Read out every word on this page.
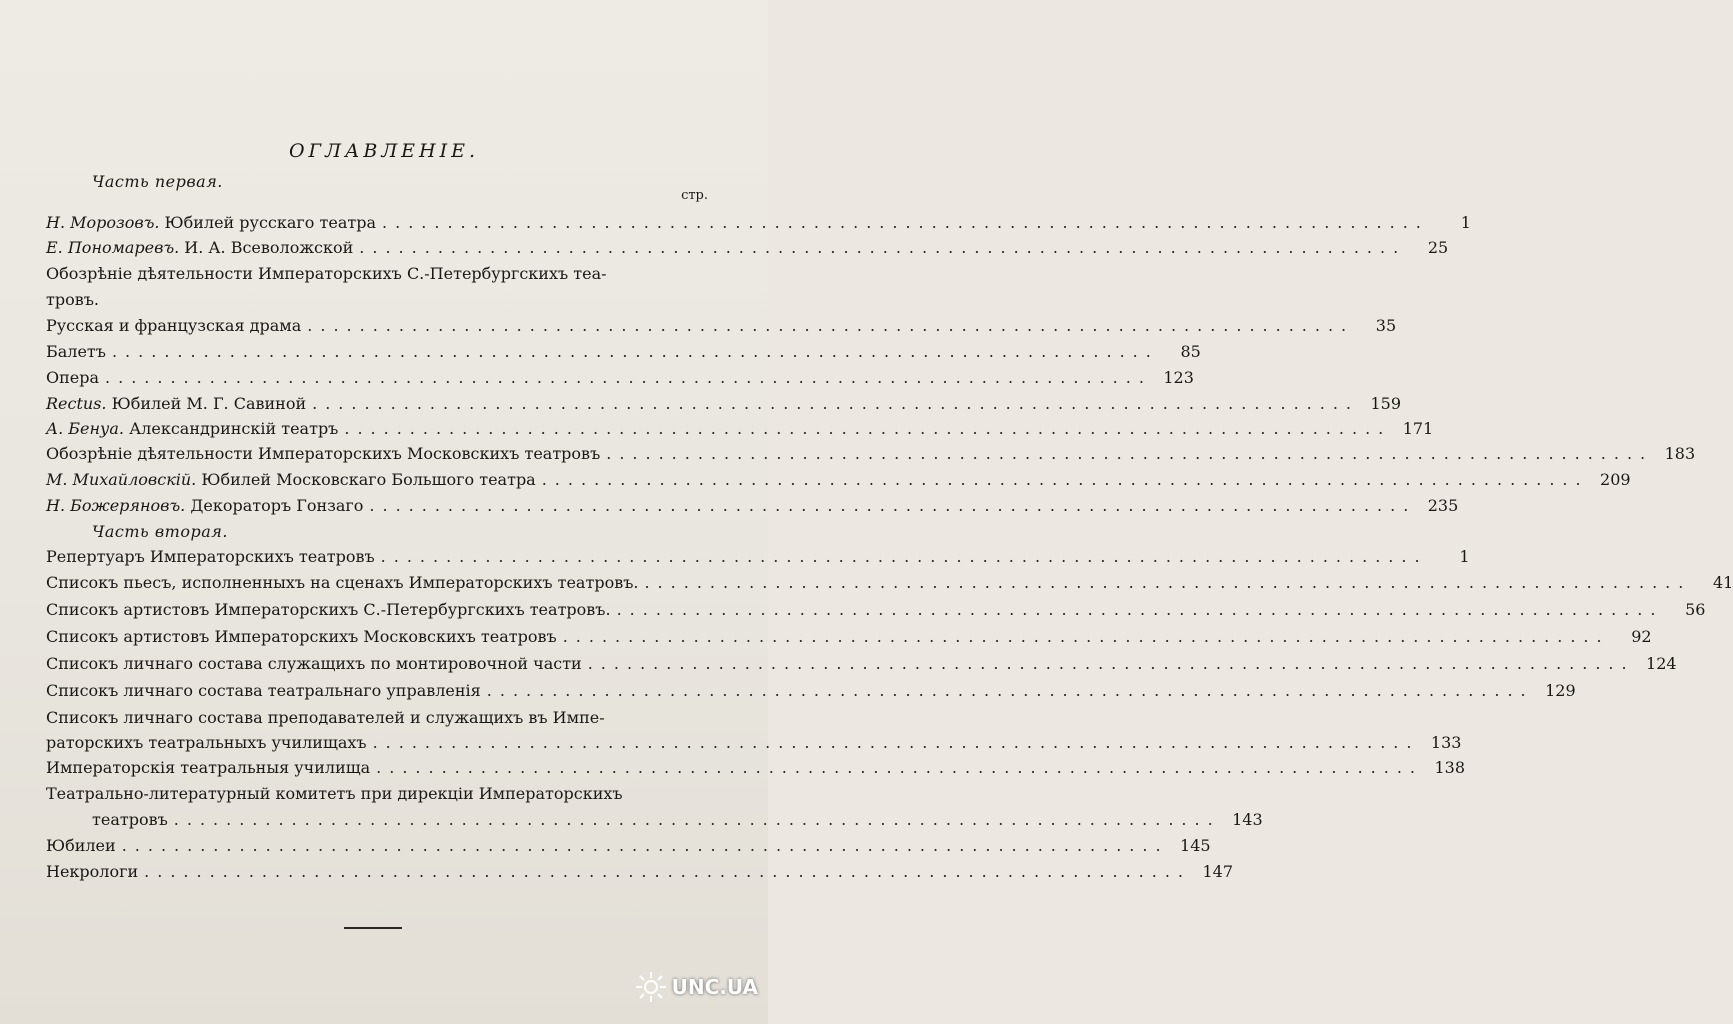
ОГЛАВЛЕНІЕ.
Часть первая.
стр.
Н. Морозовъ. Юбилей русскаго театра ................................................................................	1
Е. Пономаревъ. И. А. Всеволожской ................................................................................	25
Обозрѣніе дѣятельности Императорскихъ С.-Петербургскихъ теа-
тровъ.
Русская и французская драма ................................................................................	35
Балетъ ................................................................................	85
Опера ................................................................................ 123
Rectus. Юбилей М. Г. Савиной ................................................................................ 159
А. Бенуа. Александринскій театръ ................................................................................ 171
Обозрѣніе дѣятельности Императорскихъ Московскихъ театровъ ................................................................................ 183
М. Михайловскій. Юбилей Московскаго Большого театра ................................................................................ 209
Н. Божеряновъ. Декораторъ Гонзаго ................................................................................ 235
Часть вторая.
Репертуаръ Императорскихъ театровъ ................................................................................	1
Списокъ пьесъ, исполненныхъ на сценахъ Императорскихъ театровъ. ................................................................................	41
Списокъ артистовъ Императорскихъ С.-Петербургскихъ театровъ. ................................................................................	56
Списокъ артистовъ Императорскихъ Московскихъ театровъ ................................................................................	92
Списокъ личнаго состава служащихъ по монтировочной части ................................................................................ 124
Списокъ личнаго состава театральнаго управленія ................................................................................ 129
Списокъ личнаго состава преподавателей и служащихъ въ Импе-
раторскихъ театральныхъ училищахъ ................................................................................ 133
Императорскія театральныя училища ................................................................................ 138
Театрально-литературный комитетъ при дирекціи Императорскихъ
театровъ ................................................................................ 143
Юбилеи ................................................................................ 145
Некрологи ................................................................................ 147
UNC.UA
